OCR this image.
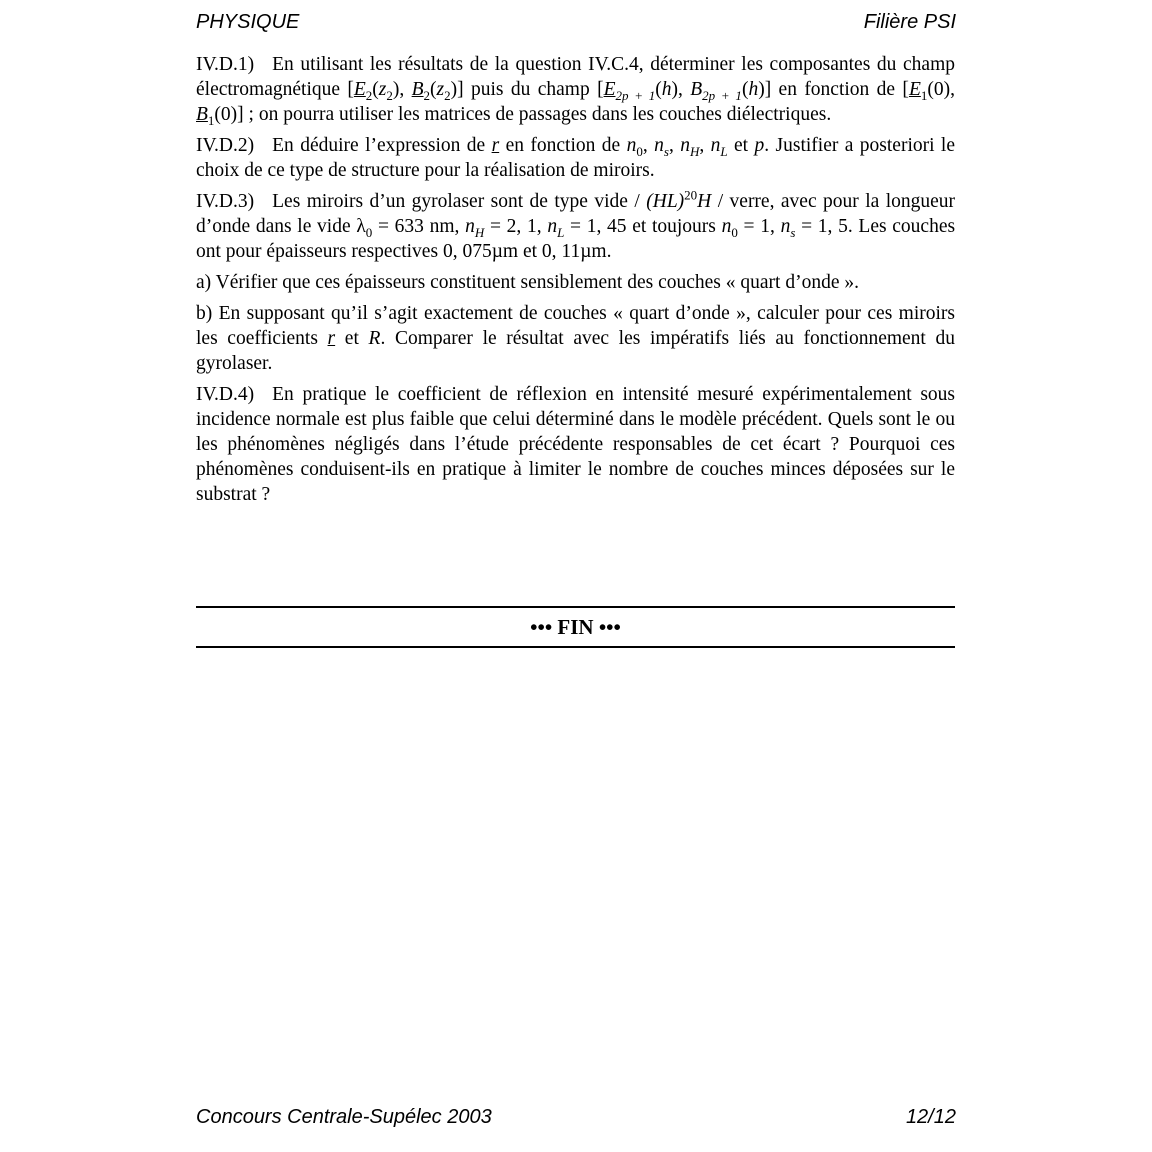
PHYSIQUE	Filière PSI

IV.D.1) En utilisant les résultats de la question IV.C.4, déterminer les composantes du champ électromagnétique [$E_2(z_2)$, $B_2(z_2)$] puis du champ [$E_{2p + 1}(h)$, $B_{2p + 1}(h)$] en fonction de [$E_1(0)$, $B_1(0)$] ; on pourra utiliser les matrices de passages dans les couches diélectriques.

IV.D.2) En déduire l’expression de r en fonction de $n_0$, $n_s$, $n_H$, $n_L$ et p. Justifier a posteriori le choix de ce type de structure pour la réalisation de miroirs.

IV.D.3) Les miroirs d’un gyrolaser sont de type vide / (HL)$^{20}$H / verre, avec pour la longueur d’onde dans le vide $\lambda_0 = 633$ nm, $n_H = 2$, 1, $n_L = 1$, 45 et toujours $n_0 = 1$, $n_s = 1$, 5. Les couches ont pour épaisseurs respectives 0, 075µm et 0, 11µm.

a) Vérifier que ces épaisseurs constituent sensiblement des couches « quart d’onde ».

b) En supposant qu’il s’agit exactement de couches « quart d’onde », calculer pour ces miroirs les coefficients r et R. Comparer le résultat avec les impératifs liés au fonctionnement du gyrolaser.

IV.D.4) En pratique le coefficient de réflexion en intensité mesuré expérimentalement sous incidence normale est plus faible que celui déterminé dans le modèle précédent. Quels sont le ou les phénomènes négligés dans l’étude précédente responsables de cet écart ? Pourquoi ces phénomènes conduisent-ils en pratique à limiter le nombre de couches minces déposées sur le substrat ?

••• FIN •••
Concours Centrale-Supélec 2003	12/12
